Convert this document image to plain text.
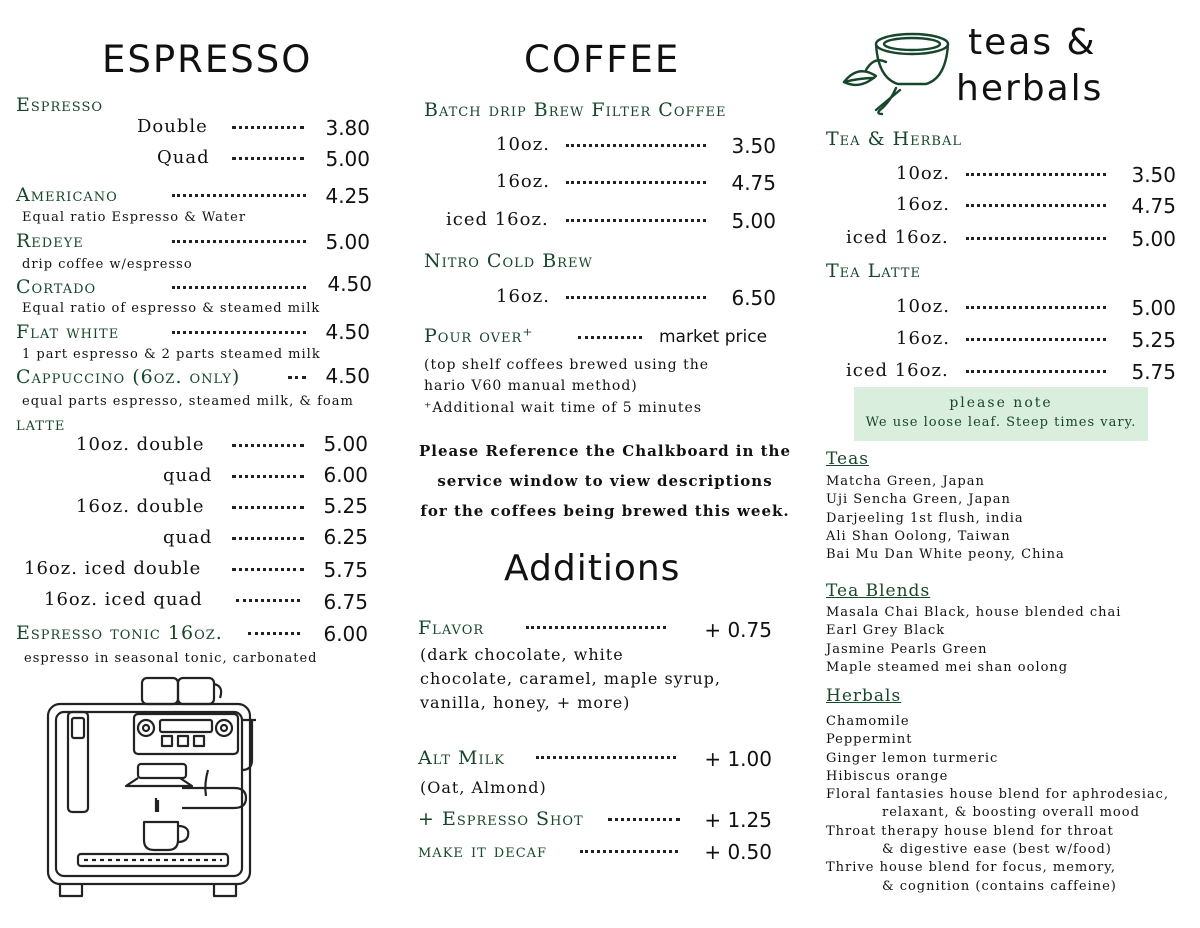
ESPRESSO
Espresso
Double	3.80
Quad	5.00
Americano	4.25
Equal ratio Espresso & Water
Redeye	5.00
drip coffee w/espresso
Cortado	4.50
Equal ratio of espresso & steamed milk
Flat white	4.50
1 part espresso & 2 parts steamed milk
Cappuccino (6oz. only)	4.50
equal parts espresso, steamed milk, & foam
latte
10oz. double	5.00
quad	6.00
16oz. double	5.25
quad	6.25
16oz. iced double	5.75
16oz. iced quad	6.75
Espresso tonic 16oz.	6.00
espresso in seasonal tonic, carbonated
COFFEE
Batch drip Brew Filter Coffee
10oz.	3.50
16oz.	4.75
iced 16oz.	5.00
Nitro Cold Brew
16oz.	6.50
Pour over⁺	market price
(top shelf coffees brewed using the
hario V60 manual method)
⁺Additional wait time of 5 minutes
Please Reference the Chalkboard in the
service window to view descriptions
for the coffees being brewed this week.
Additions
Flavor	+ 0.75
(dark chocolate, white
chocolate, caramel, maple syrup,
vanilla, honey, + more)
Alt Milk	+ 1.00
(Oat, Almond)
+ Espresso Shot	+ 1.25
make it decaf	+ 0.50
teas &
herbals
Tea & Herbal
10oz.	3.50
16oz.	4.75
iced 16oz.	5.00
Tea Latte
10oz.	5.00
16oz.	5.25
iced 16oz.	5.75
please note
We use loose leaf. Steep times vary.
Teas
Matcha Green, Japan
Uji Sencha Green, Japan
Darjeeling 1st flush, india
Ali Shan Oolong, Taiwan
Bai Mu Dan White peony, China
Tea Blends
Masala Chai Black, house blended chai
Earl Grey Black
Jasmine Pearls Green
Maple steamed mei shan oolong
Herbals
Chamomile
Peppermint
Ginger lemon turmeric
Hibiscus orange
Floral fantasies house blend for aphrodesiac,
relaxant, & boosting overall mood
Throat therapy house blend for throat
& digestive ease (best w/food)
Thrive house blend for focus, memory,
& cognition (contains caffeine)
